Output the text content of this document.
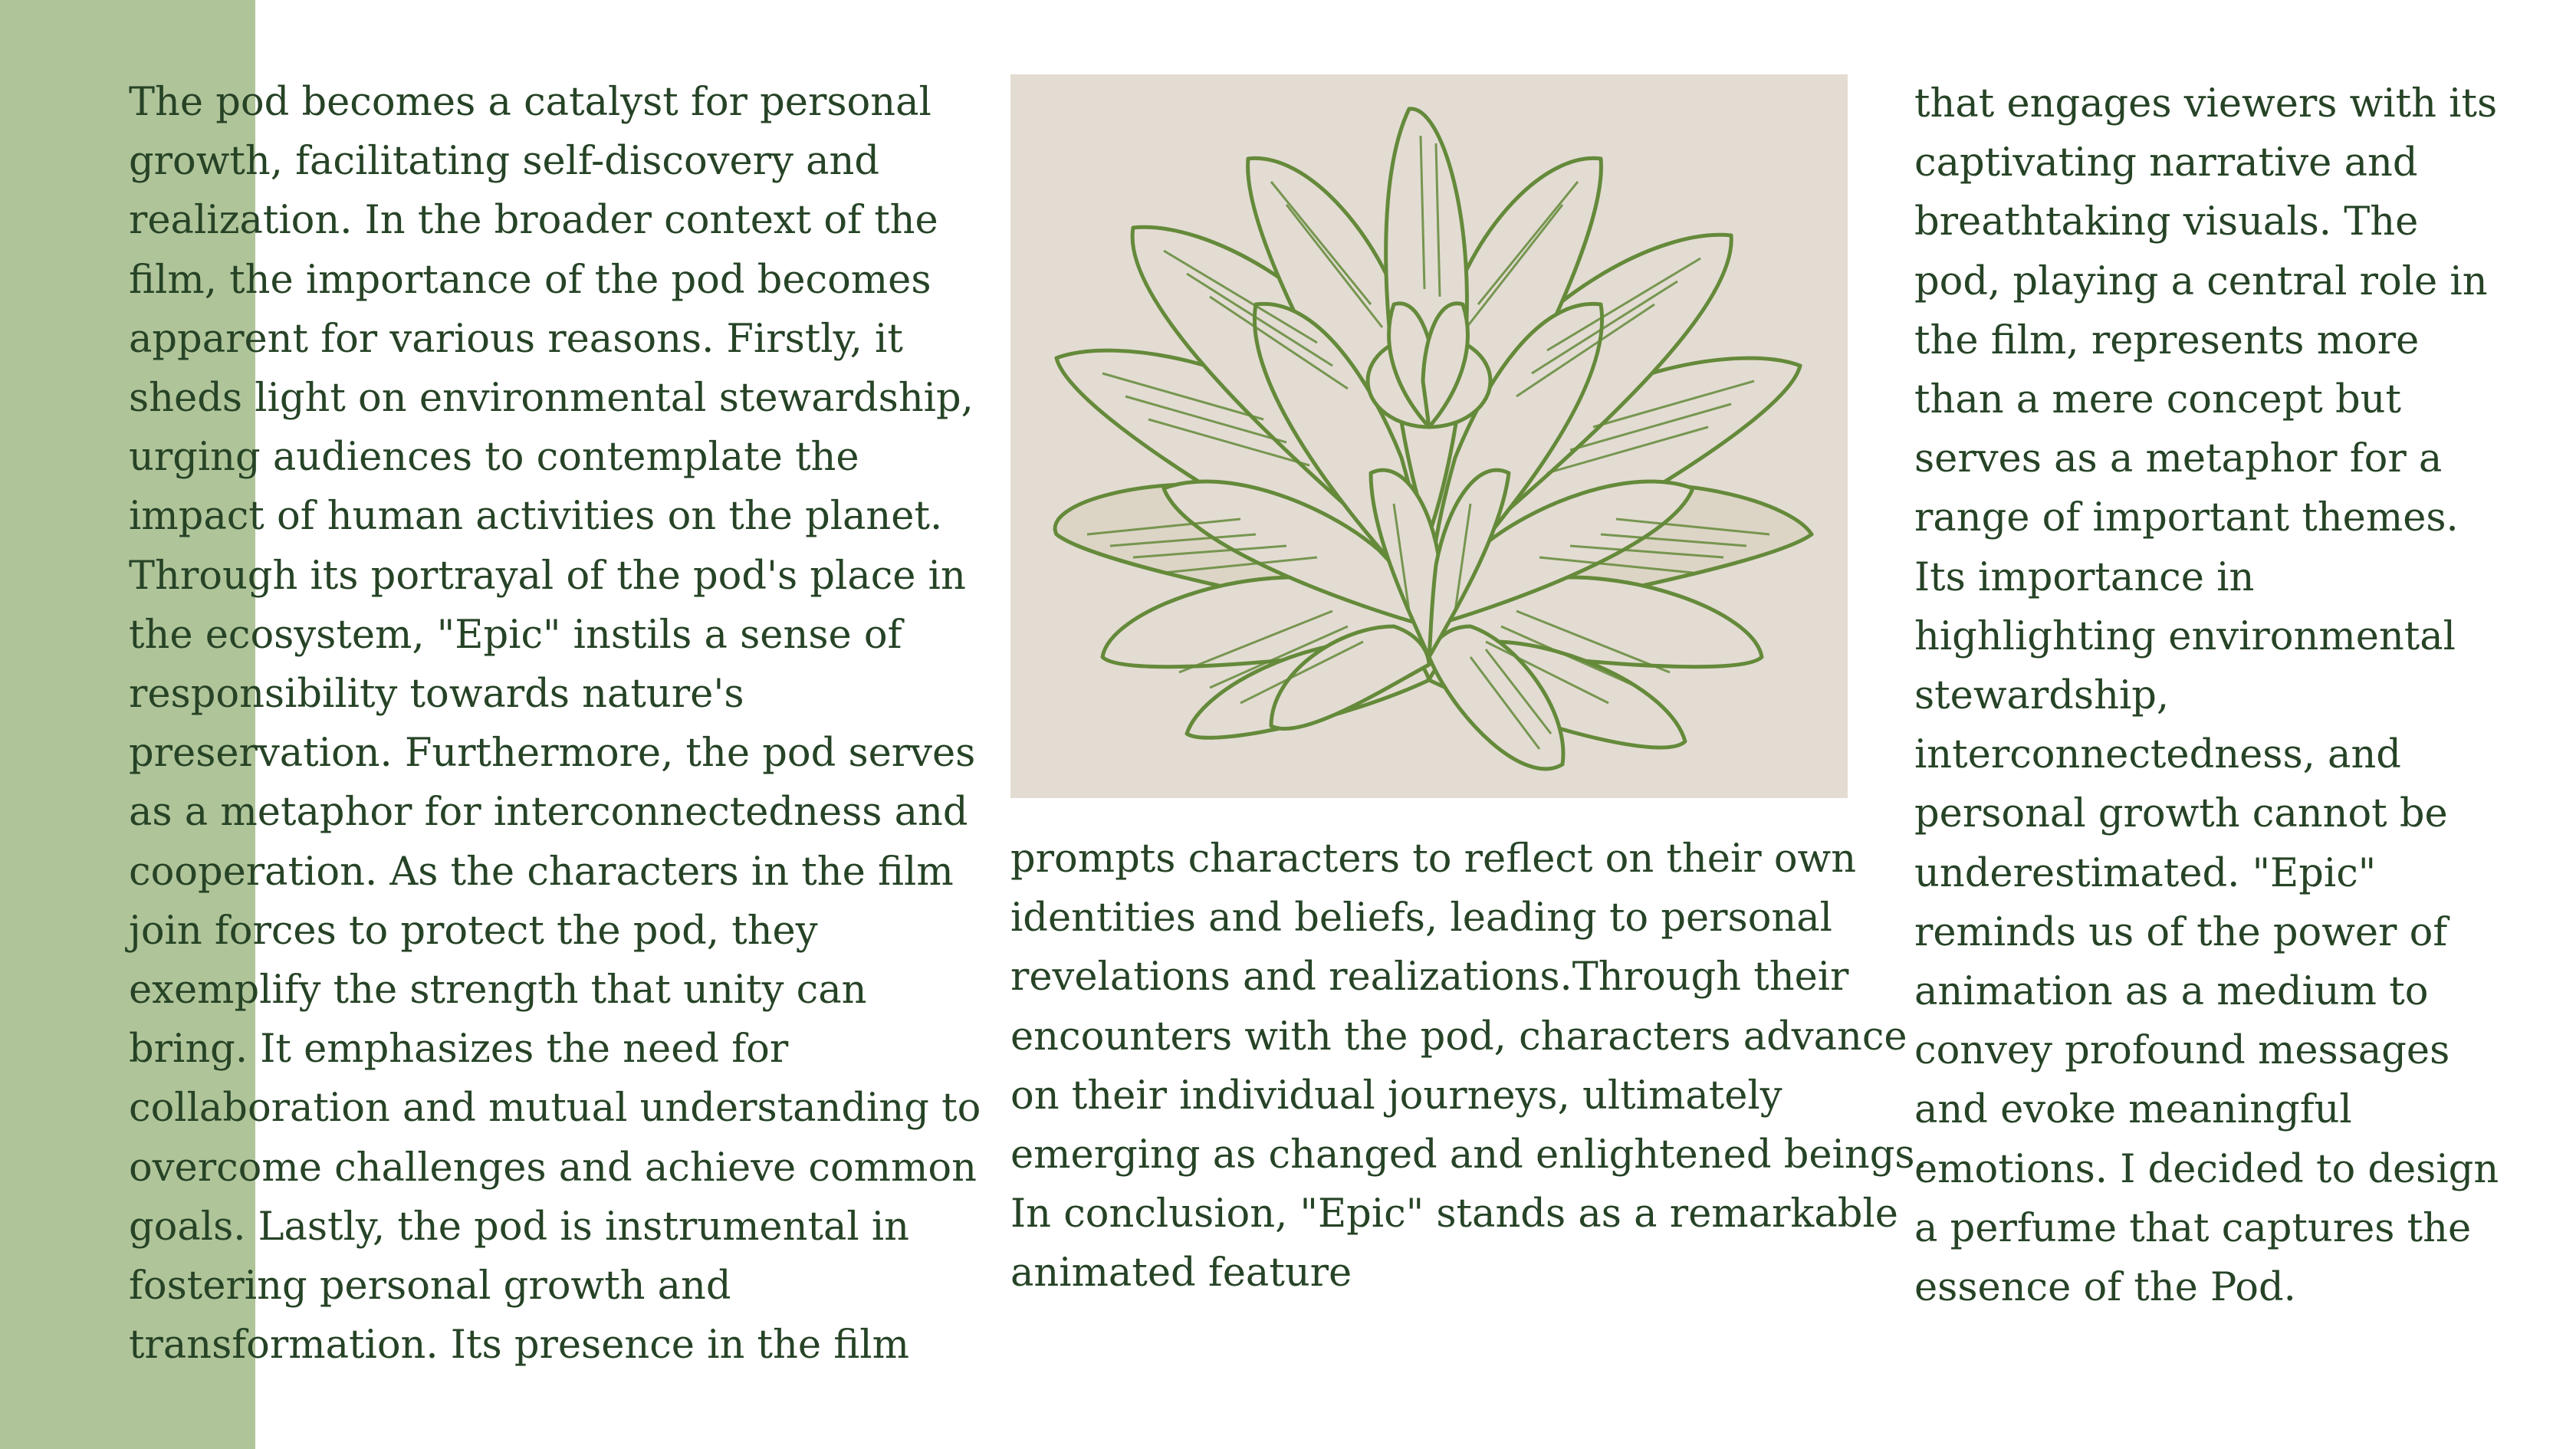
The pod becomes a catalyst for personal
growth, facilitating self-discovery and
realization. In the broader context of the
film, the importance of the pod becomes
apparent for various reasons. Firstly, it
sheds light on environmental stewardship,
urging audiences to contemplate the
impact of human activities on the planet.
Through its portrayal of the pod's place in
the ecosystem, "Epic" instils a sense of
responsibility towards nature's
preservation. Furthermore, the pod serves
as a metaphor for interconnectedness and
cooperation. As the characters in the film
join forces to protect the pod, they
exemplify the strength that unity can
bring. It emphasizes the need for
collaboration and mutual understanding to
overcome challenges and achieve common
goals. Lastly, the pod is instrumental in
fostering personal growth and
transformation. Its presence in the film
prompts characters to reflect on their own
identities and beliefs, leading to personal
revelations and realizations.Through their
encounters with the pod, characters advance
on their individual journeys, ultimately
emerging as changed and enlightened beings.
In conclusion, "Epic" stands as a remarkable
animated feature
that engages viewers with its
captivating narrative and
breathtaking visuals. The
pod, playing a central role in
the film, represents more
than a mere concept but
serves as a metaphor for a
range of important themes.
Its importance in
highlighting environmental
stewardship,
interconnectedness, and
personal growth cannot be
underestimated. "Epic"
reminds us of the power of
animation as a medium to
convey profound messages
and evoke meaningful
emotions. I decided to design
a perfume that captures the
essence of the Pod.
